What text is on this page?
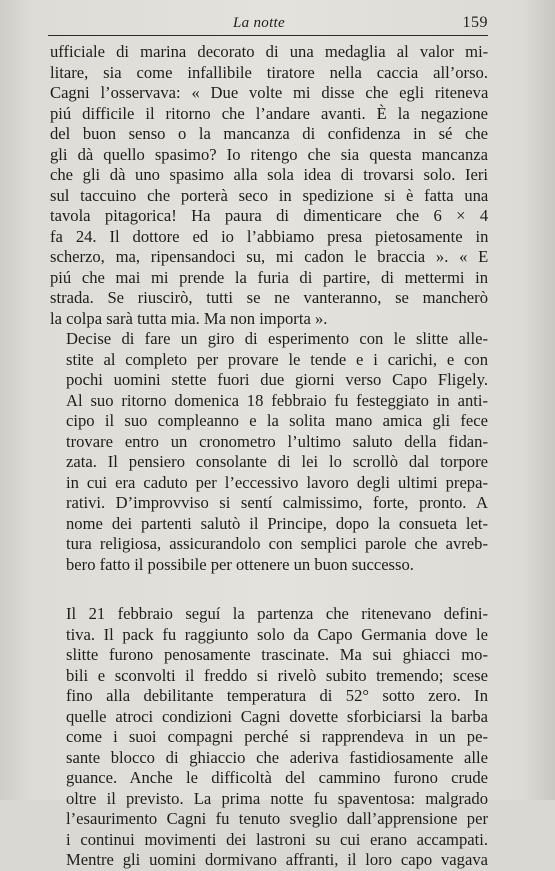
La notte	159

ufficiale di marina decorato di una medaglia al valor mi-
litare, sia come infallibile tiratore nella caccia all’orso.
Cagni l’osservava: « Due volte mi disse che egli riteneva
piú difficile il ritorno che l’andare avanti. È la negazione
del buon senso o la mancanza di confidenza in sé che
gli dà quello spasimo? Io ritengo che sia questa mancanza
che gli dà uno spasimo alla sola idea di trovarsi solo. Ieri
sul taccuino che porterà seco in spedizione si è fatta una
tavola pitagorica! Ha paura di dimenticare che 6 × 4
fa 24. Il dottore ed io l’abbiamo presa pietosamente in
scherzo, ma, ripensandoci su, mi cadon le braccia ». « E
piú che mai mi prende la furia di partire, di mettermi in
strada. Se riuscirò, tutti se ne vanteranno, se mancherò
la colpa sarà tutta mia. Ma non importa ».

Decise di fare un giro di esperimento con le slitte alle-
stite al completo per provare le tende e i carichi, e con
pochi uomini stette fuori due giorni verso Capo Fligely.
Al suo ritorno domenica 18 febbraio fu festeggiato in anti-
cipo il suo compleanno e la solita mano amica gli fece
trovare entro un cronometro l’ultimo saluto della fidan-
zata. Il pensiero consolante di lei lo scrollò dal torpore
in cui era caduto per l’eccessivo lavoro degli ultimi prepa-
rativi. D’improvviso si sentí calmissimo, forte, pronto. A
nome dei partenti salutò il Principe, dopo la consueta let-
tura religiosa, assicurandolo con semplici parole che avreb-
bero fatto il possibile per ottenere un buon successo.

Il 21 febbraio seguí la partenza che ritenevano defini-
tiva. Il pack fu raggiunto solo da Capo Germania dove le
slitte furono penosamente trascinate. Ma sui ghiacci mo-
bili e sconvolti il freddo si rivelò subito tremendo; scese
fino alla debilitante temperatura di 52° sotto zero. In
quelle atroci condizioni Cagni dovette sforbiciarsi la barba
come i suoi compagni perché si rapprendeva in un pe-
sante blocco di ghiaccio che aderiva fastidiosamente alle
guance. Anche le difficoltà del cammino furono crude
oltre il previsto. La prima notte fu spaventosa: malgrado
l’esaurimento Cagni fu tenuto sveglio dall’apprensione per
i continui movimenti dei lastroni su cui erano accampati.
Mentre gli uomini dormivano affranti, il loro capo vagava
